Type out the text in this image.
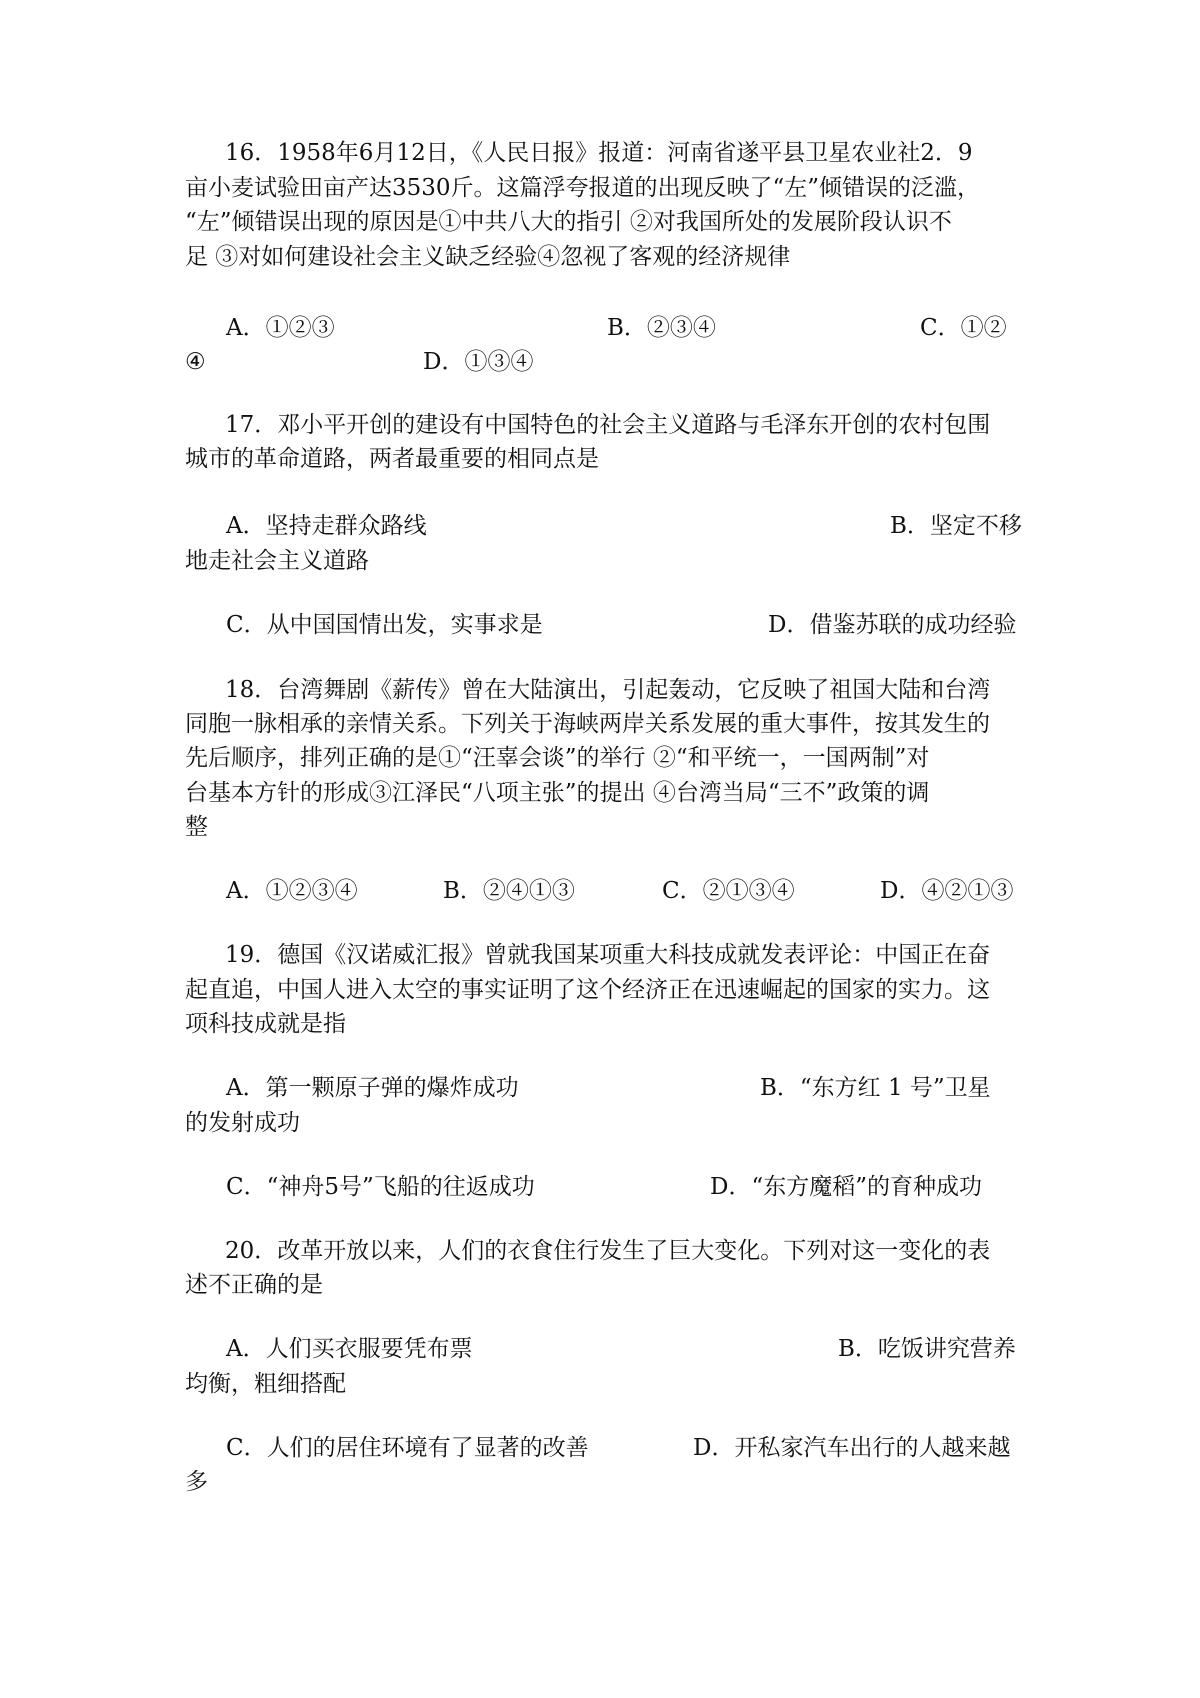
16．1958年6月12日，《人民日报》报道：河南省遂平县卫星农业社2．9
亩小麦试验田亩产达3530斤。这篇浮夸报道的出现反映了“左”倾错误的泛滥，
“左”倾错误出现的原因是①中共八大的指引 ②对我国所处的发展阶段认识不
足 ③对如何建设社会主义缺乏经验④忽视了客观的经济规律
A．①②③	B．②③④	C．①②
④	D．①③④
17．邓小平开创的建设有中国特色的社会主义道路与毛泽东开创的农村包围
城市的革命道路，两者最重要的相同点是
A．坚持走群众路线	B．坚定不移
地走社会主义道路
C．从中国国情出发，实事求是	D．借鉴苏联的成功经验
18．台湾舞剧《薪传》曾在大陆演出，引起轰动，它反映了祖国大陆和台湾
同胞一脉相承的亲情关系。下列关于海峡两岸关系发展的重大事件，按其发生的
先后顺序，排列正确的是①“汪辜会谈”的举行 ②“和平统一，一国两制”对
台基本方针的形成③江泽民“八项主张”的提出 ④台湾当局“三不”政策的调
整
A．①②③④	B．②④①③	C．②①③④	D．④②①③
19．德国《汉诺威汇报》曾就我国某项重大科技成就发表评论：中国正在奋
起直追，中国人进入太空的事实证明了这个经济正在迅速崛起的国家的实力。这
项科技成就是指
A．第一颗原子弹的爆炸成功	B．“东方红 1 号”卫星
的发射成功
C．“神舟5号”飞船的往返成功	D．“东方魔稻”的育种成功
20．改革开放以来，人们的衣食住行发生了巨大变化。下列对这一变化的表
述不正确的是
A．人们买衣服要凭布票	B．吃饭讲究营养
均衡，粗细搭配
C．人们的居住环境有了显著的改善	D．开私家汽车出行的人越来越
多
